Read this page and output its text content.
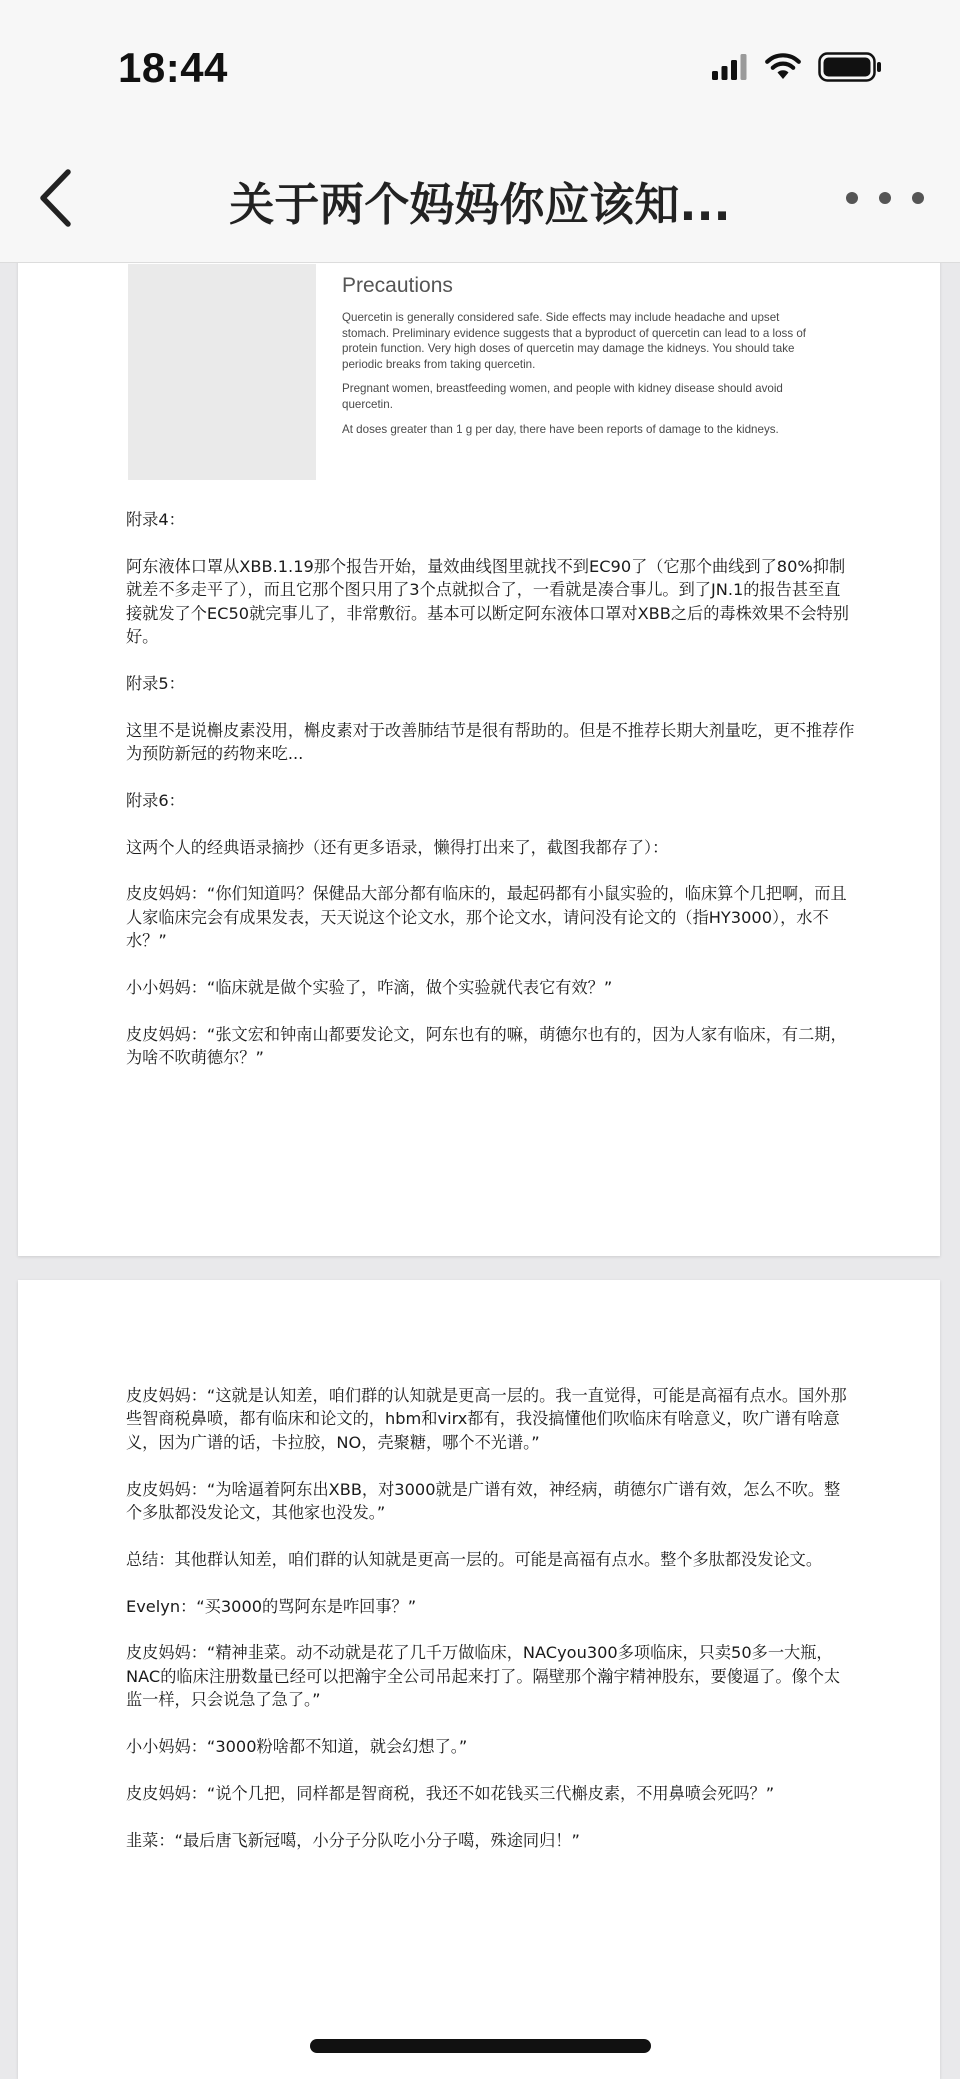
18:44
关于两个妈妈你应该知...
Precautions

Quercetin is generally considered safe. Side effects may include headache and upset stomach. Preliminary evidence suggests that a byproduct of quercetin can lead to a loss of protein function. Very high doses of quercetin may damage the kidneys. You should take periodic breaks from taking quercetin.

Pregnant women, breastfeeding women, and people with kidney disease should avoid quercetin.

At doses greater than 1 g per day, there have been reports of damage to the kidneys.

附录4：

阿东液体口罩从XBB.1.19那个报告开始，量效曲线图里就找不到EC90了（它那个曲线到了80%抑制就差不多走平了），而且它那个图只用了3个点就拟合了，一看就是凑合事儿。到了JN.1的报告甚至直接就发了个EC50就完事儿了，非常敷衍。基本可以断定阿东液体口罩对XBB之后的毒株效果不会特别好。

附录5：

这里不是说槲皮素没用，槲皮素对于改善肺结节是很有帮助的。但是不推荐长期大剂量吃，更不推荐作为预防新冠的药物来吃...

附录6：

这两个人的经典语录摘抄（还有更多语录，懒得打出来了，截图我都存了）：

皮皮妈妈：“你们知道吗？保健品大部分都有临床的，最起码都有小鼠实验的，临床算个几把啊，而且人家临床完会有成果发表，天天说这个论文水，那个论文水，请问没有论文的（指HY3000），水不水？”

小小妈妈：“临床就是做个实验了，咋滴，做个实验就代表它有效？”

皮皮妈妈：“张文宏和钟南山都要发论文，阿东也有的嘛，萌德尔也有的，因为人家有临床，有二期，为啥不吹萌德尔？”

皮皮妈妈：“这就是认知差，咱们群的认知就是更高一层的。我一直觉得，可能是高福有点水。国外那些智商税鼻喷，都有临床和论文的，hbm和virx都有，我没搞懂他们吹临床有啥意义，吹广谱有啥意义，因为广谱的话，卡拉胶，NO，壳聚糖，哪个不光谱。”

皮皮妈妈：“为啥逼着阿东出XBB，对3000就是广谱有效，神经病，萌德尔广谱有效，怎么不吹。整个多肽都没发论文，其他家也没发。”

总结：其他群认知差，咱们群的认知就是更高一层的。可能是高福有点水。整个多肽都没发论文。

Evelyn：“买3000的骂阿东是咋回事？”

皮皮妈妈：“精神韭菜。动不动就是花了几千万做临床，NACyou300多项临床，只卖50多一大瓶，NAC的临床注册数量已经可以把瀚宇全公司吊起来打了。隔壁那个瀚宇精神股东，要傻逼了。像个太监一样，只会说急了急了。”

小小妈妈：“3000粉啥都不知道，就会幻想了。”

皮皮妈妈：“说个几把，同样都是智商税，我还不如花钱买三代槲皮素，不用鼻喷会死吗？”

韭菜：“最后唐飞新冠噶，小分子分队吃小分子噶，殊途同归！”
